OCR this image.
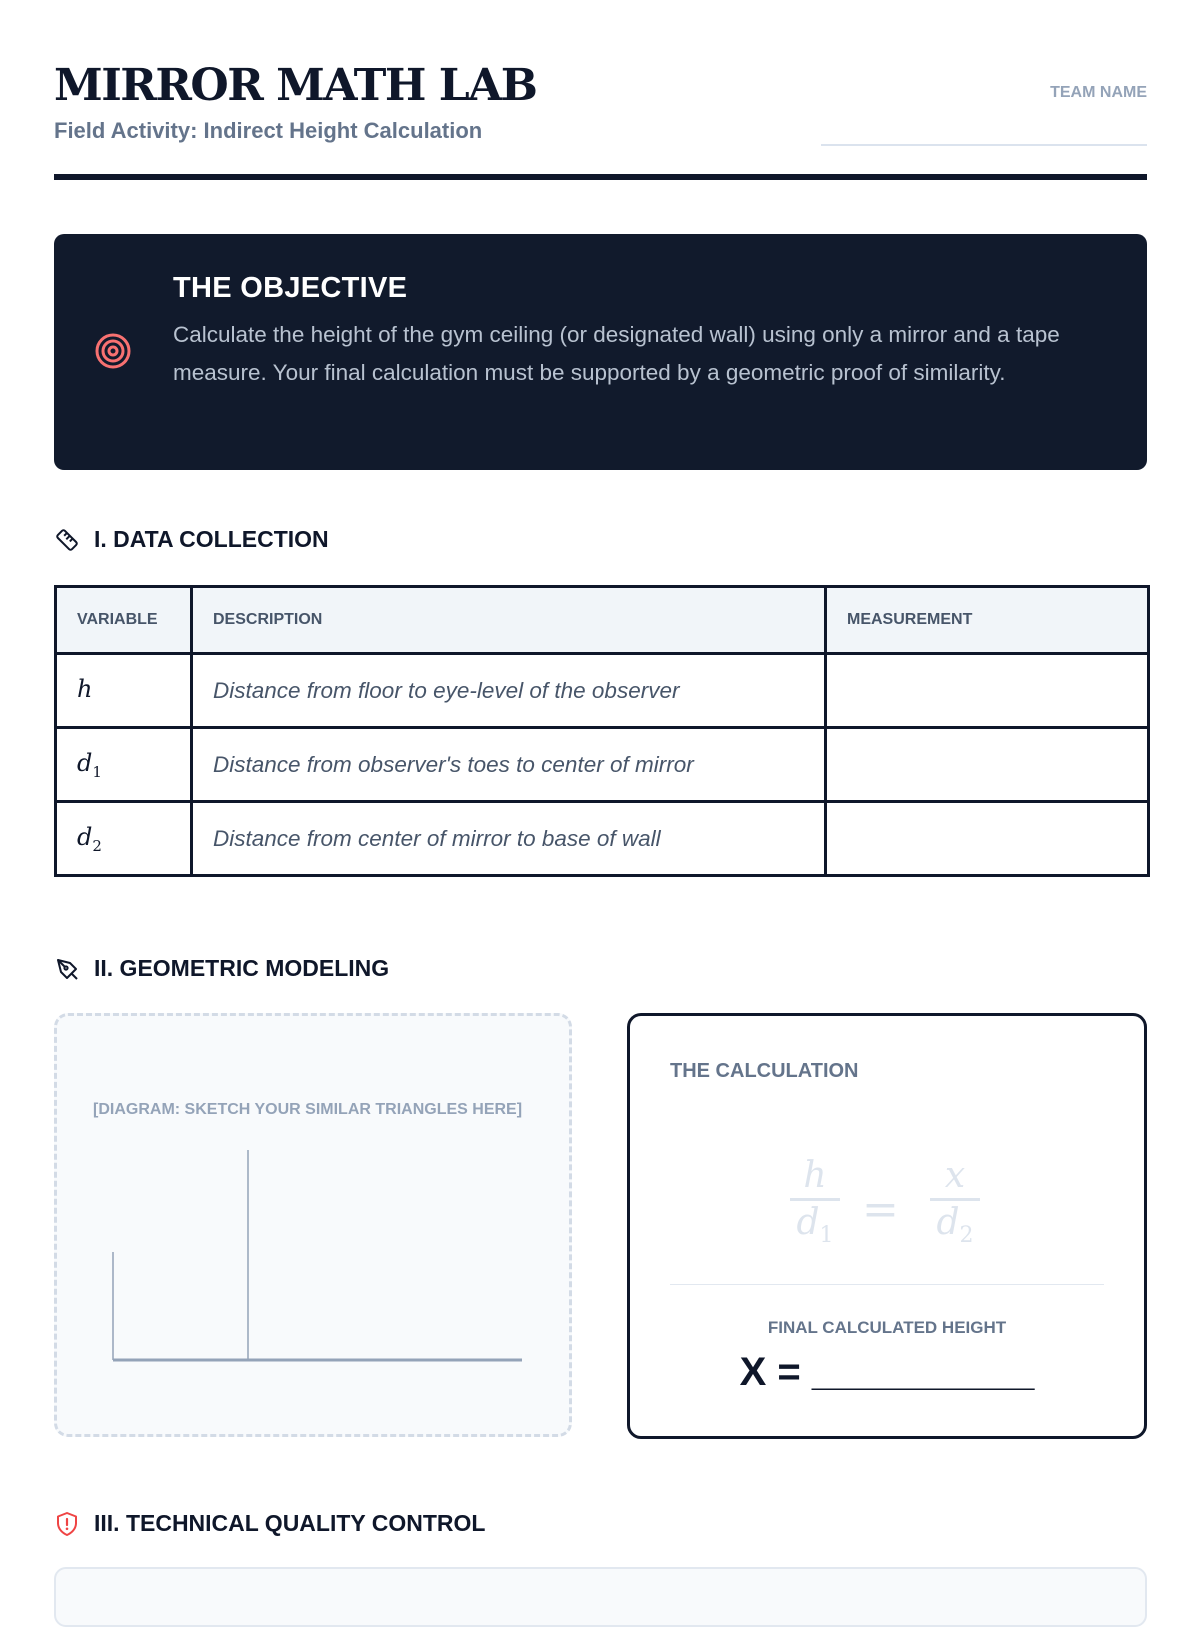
MIRROR MATH LAB
Field Activity: Indirect Height Calculation
TEAM NAME
THE OBJECTIVE
Calculate the height of the gym ceiling (or designated wall) using only a mirror and a tape measure. Your final calculation must be supported by a geometric proof of similarity.
I. DATA COLLECTION
VARIABLE	DESCRIPTION	MEASUREMENT
h	Distance from floor to eye-level of the observer	
$d_1$	Distance from observer's toes to center of mirror	
$d_2$	Distance from center of mirror to base of wall	
II. GEOMETRIC MODELING
[DIAGRAM: SKETCH YOUR SIMILAR TRIANGLES HERE]
THE CALCULATION
h
$d_1$
=
x
$d_2$
FINAL CALCULATED HEIGHT
X = __________
III. TECHNICAL QUALITY CONTROL
